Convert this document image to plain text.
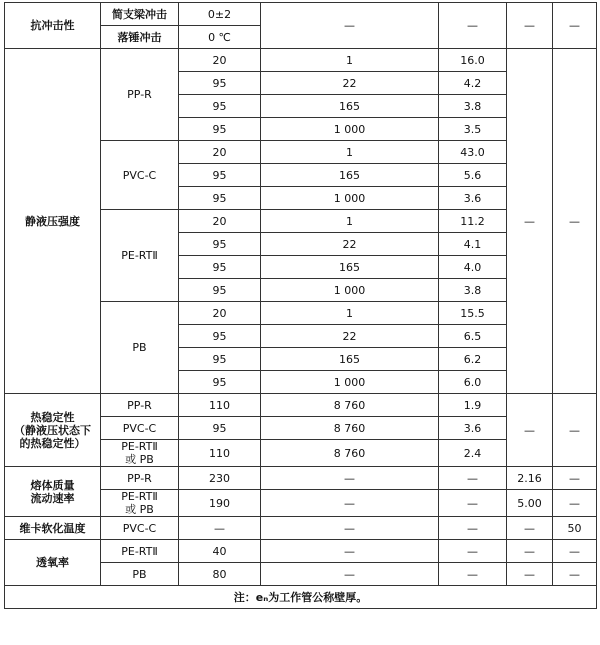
抗冲击性	简支梁冲击	0±2	—	—	—	—
	落锤冲击	0 ℃				
静液压强度	PP-R	20	1	16.0	—	—
		95	22	4.2		
		95	165	3.8		
		95	1 000	3.5		
	PVC-C	20	1	43.0		
		95	165	5.6		
		95	1 000	3.6		
	PE-RTⅡ	20	1	11.2		
		95	22	4.1		
		95	165	4.0		
		95	1 000	3.8		
	PB	20	1	15.5		
		95	22	6.5		
		95	165	6.2		
		95	1 000	6.0		
热稳定性
（静液压状态下
的热稳定性）	PP-R	110	8 760	1.9	—	—
	PVC-C	95	8 760	3.6		
	PE-RTⅡ
或 PB	110	8 760	2.4		
熔体质量
流动速率	PP-R	230	—	—	2.16	—
	PE-RTⅡ
或 PB	190	—	—	5.00	—
维卡软化温度	PVC-C	—	—	—	—	50
透氧率	PE-RTⅡ	40	—	—	—	—
	PB	80	—	—	—	—
注：eₙ为工作管公称壁厚。						
